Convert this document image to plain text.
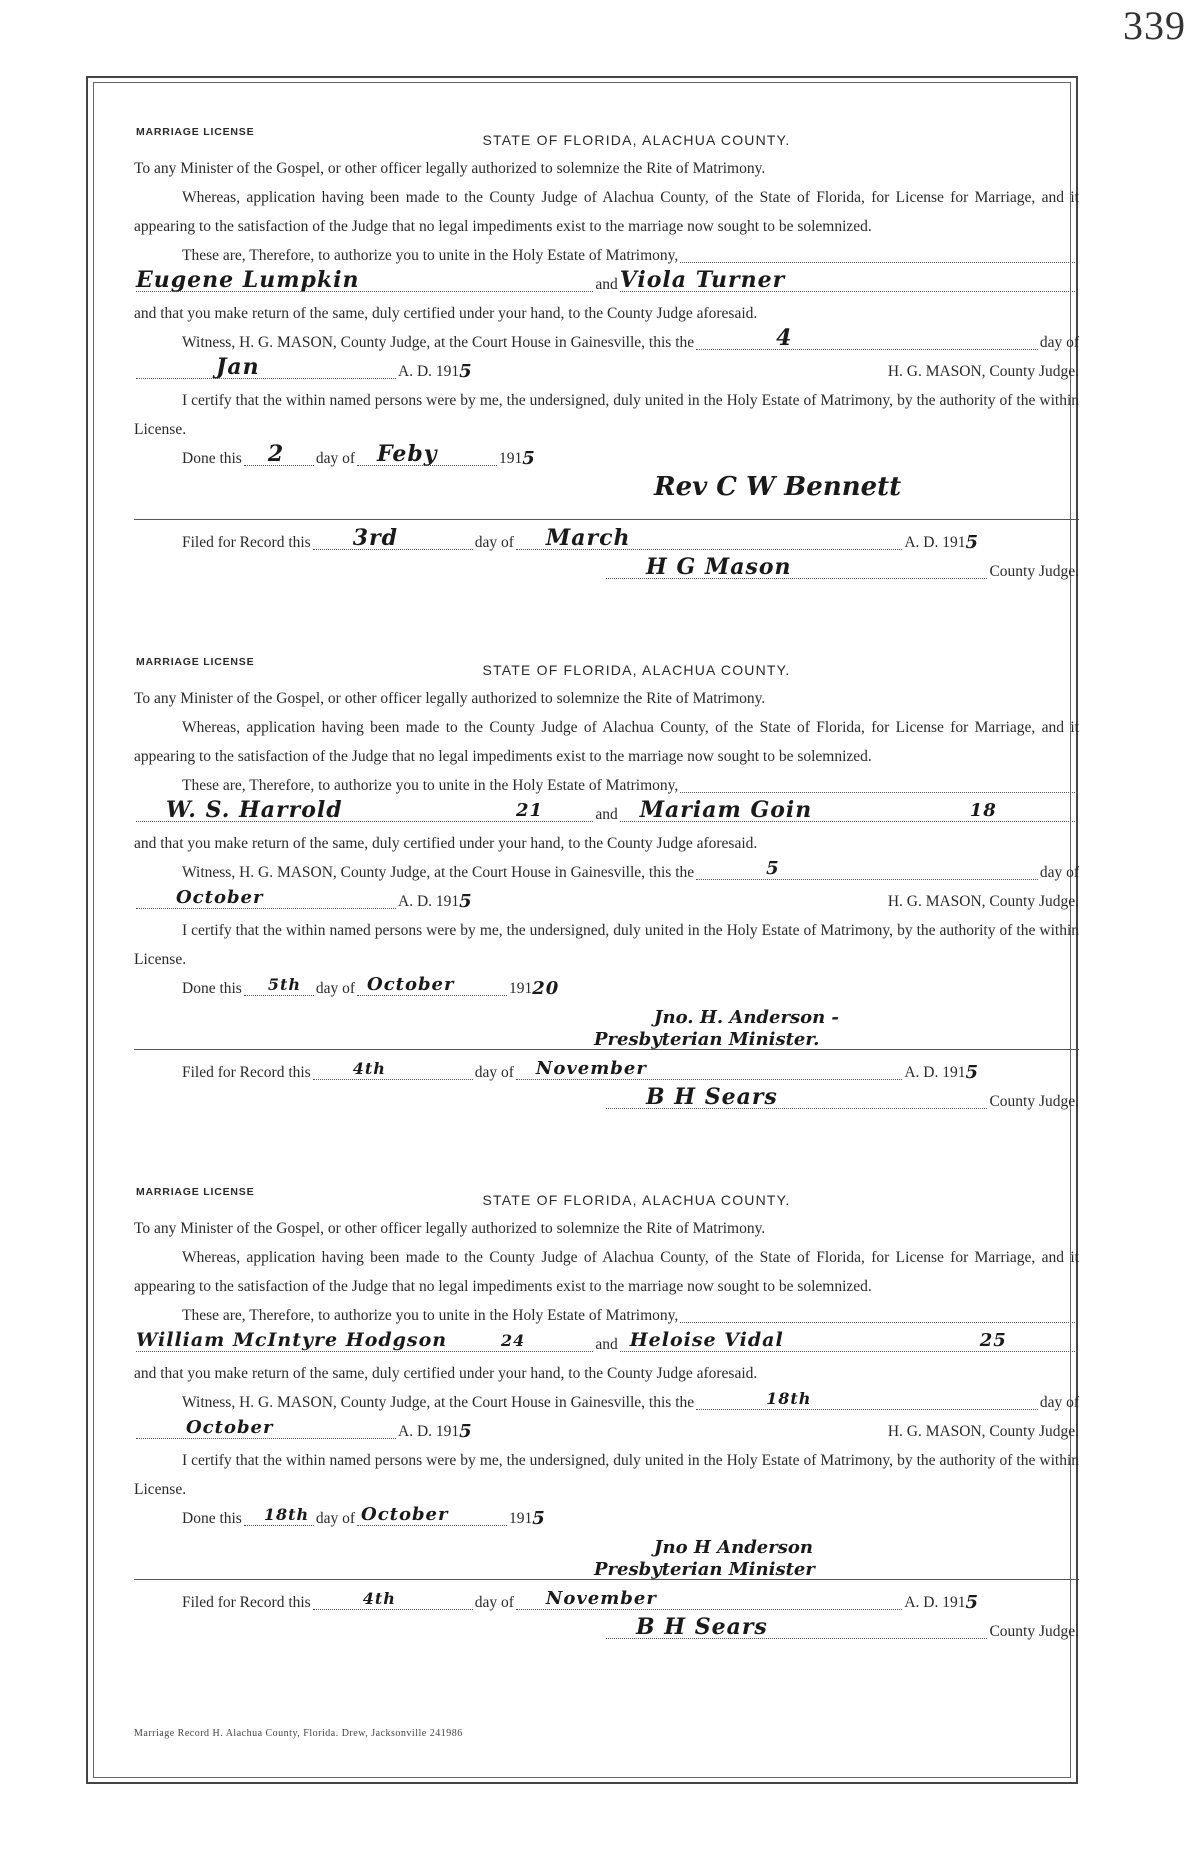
339
MARRIAGE LICENSE	STATE OF FLORIDA, ALACHUA COUNTY.

To any Minister of the Gospel, or other officer legally authorized to solemnize the Rite of Matrimony.

Whereas, application having been made to the County Judge of Alachua County, of the State of Florida, for License for Marriage, and it appearing to the satisfaction of the Judge that no legal impediments exist to the marriage now sought to be solemnized.

These are, Therefore, to authorize you to unite in the Holy Estate of Matrimony,
Eugene Lumpkin	and Viola Turner

and that you make return of the same, duly certified under your hand, to the County Judge aforesaid.

Witness, H. G. MASON, County Judge, at the Court House in Gainesville, this the	4	day of
Jan	A. D. 191 5	H. G. MASON, County Judge.

I certify that the within named persons were by me, the undersigned, duly united in the Holy Estate of Matrimony, by the authority of the within License.

Done this 2 day of Feby	191 5
Rev C W Bennett
Filed for Record this 3rd	day of March	A. D. 191 5
H G Mason	County Judge.
MARRIAGE LICENSE	STATE OF FLORIDA, ALACHUA COUNTY.

To any Minister of the Gospel, or other officer legally authorized to solemnize the Rite of Matrimony.

Whereas, application having been made to the County Judge of Alachua County, of the State of Florida, for License for Marriage, and it appearing to the satisfaction of the Judge that no legal impediments exist to the marriage now sought to be solemnized.

These are, Therefore, to authorize you to unite in the Holy Estate of Matrimony,
W. S. Harrold	21	and Mariam Goin	18

and that you make return of the same, duly certified under your hand, to the County Judge aforesaid.

Witness, H. G. MASON, County Judge, at the Court House in Gainesville, this the	5	day of
October	A. D. 191 5	H. G. MASON, County Judge.

I certify that the within named persons were by me, the undersigned, duly united in the Holy Estate of Matrimony, by the authority of the within License.

Done this 5th day of October	191 20
Jno. H. Anderson -
Presbyterian Minister.
Filed for Record this	4th	day of November	A. D. 191 5
B H Sears	County Judge.
MARRIAGE LICENSE	STATE OF FLORIDA, ALACHUA COUNTY.

To any Minister of the Gospel, or other officer legally authorized to solemnize the Rite of Matrimony.

Whereas, application having been made to the County Judge of Alachua County, of the State of Florida, for License for Marriage, and it appearing to the satisfaction of the Judge that no legal impediments exist to the marriage now sought to be solemnized.

These are, Therefore, to authorize you to unite in the Holy Estate of Matrimony,
William McIntyre Hodgson	24	and Heloise Vidal	25

and that you make return of the same, duly certified under your hand, to the County Judge aforesaid.

Witness, H. G. MASON, County Judge, at the Court House in Gainesville, this the	18th	day of
October	A. D. 191 5	H. G. MASON, County Judge.

I certify that the within named persons were by me, the undersigned, duly united in the Holy Estate of Matrimony, by the authority of the within License.

Done this 18th day of October	191 5
Jno H Anderson
Presbyterian Minister
Filed for Record this	4th	day of November	A. D. 191 5
B H Sears	County Judge.
Marriage Record H. Alachua County, Florida. Drew, Jacksonville 241986
